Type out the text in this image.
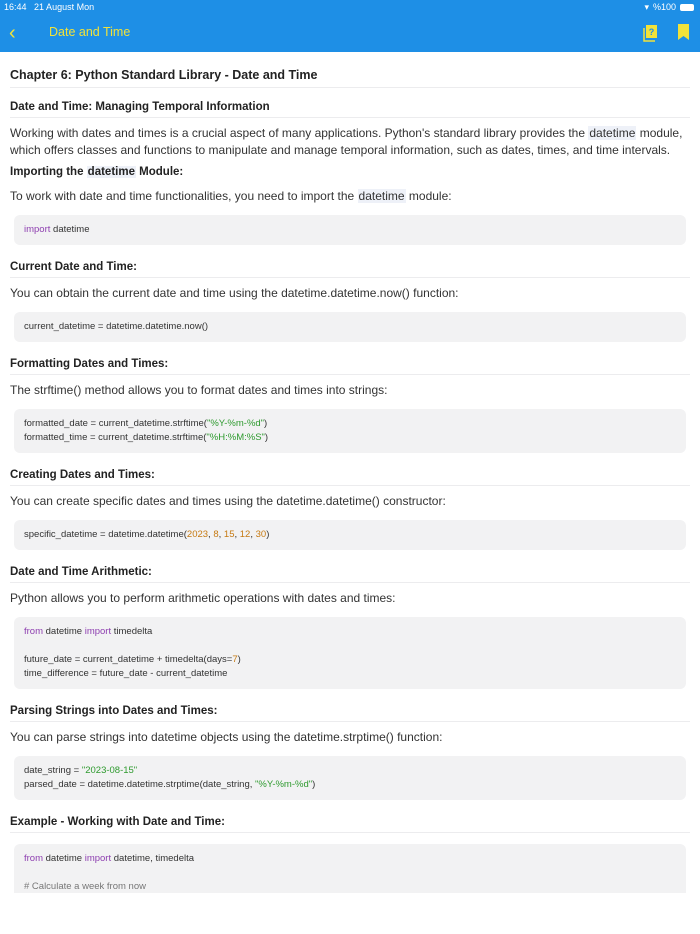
16:44 21 August Mon	▾ %100
‹	Date and Time	?
Chapter 6: Python Standard Library - Date and Time
Date and Time: Managing Temporal Information

Working with dates and times is a crucial aspect of many applications. Python's standard library provides the datetime module, which offers classes and functions to manipulate and manage temporal information, such as dates, times, and time intervals.

Importing the datetime Module:

To work with date and time functionalities, you need to import the datetime module:

import datetime
Current Date and Time:

You can obtain the current date and time using the datetime.datetime.now() function:

current_datetime = datetime.datetime.now()
Formatting Dates and Times:

The strftime() method allows you to format dates and times into strings:

formatted_date = current_datetime.strftime("%Y-%m-%d")
formatted_time = current_datetime.strftime("%H:%M:%S")
Creating Dates and Times:

You can create specific dates and times using the datetime.datetime() constructor:

specific_datetime = datetime.datetime(2023, 8, 15, 12, 30)
Date and Time Arithmetic:

Python allows you to perform arithmetic operations with dates and times:

from datetime import timedelta
future_date = current_datetime + timedelta(days=7)
time_difference = future_date - current_datetime
Parsing Strings into Dates and Times:

You can parse strings into datetime objects using the datetime.strptime() function:

date_string = "2023-08-15"
parsed_date = datetime.datetime.strptime(date_string, "%Y-%m-%d")
Example - Working with Date and Time:
from datetime import datetime, timedelta
# Calculate a week from now
